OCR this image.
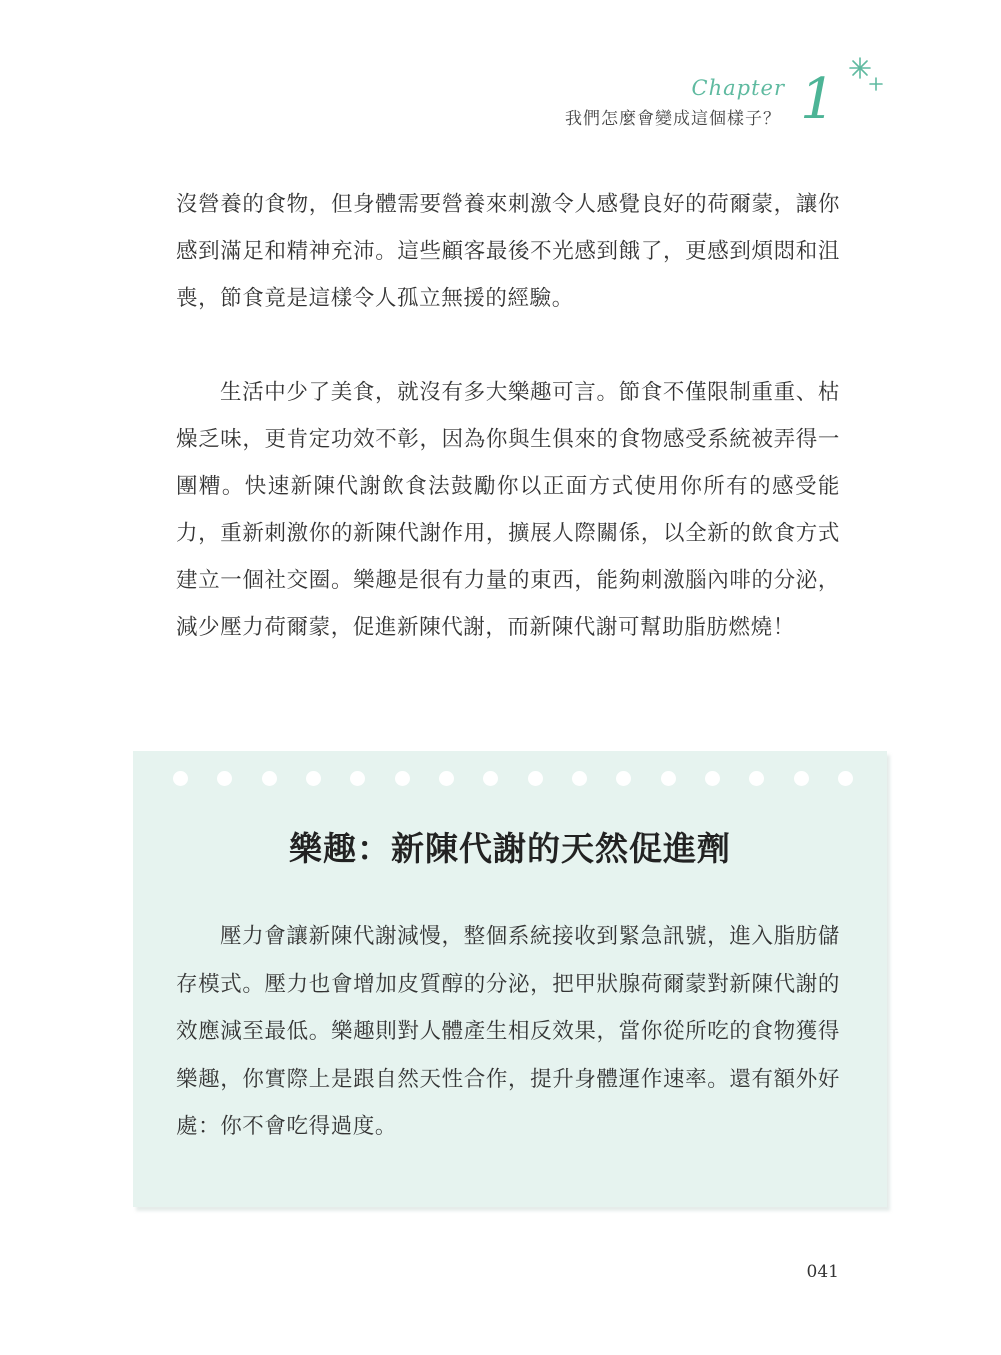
Chapter
我們怎麼會變成這個樣子？ 1
沒營養的食物，但身體需要營養來刺激令人感覺良好的荷爾蒙，讓你感到滿足和精神充沛。這些顧客最後不光感到餓了，更感到煩悶和沮喪，節食竟是這樣令人孤立無援的經驗。
生活中少了美食，就沒有多大樂趣可言。節食不僅限制重重、枯燥乏味，更肯定功效不彰，因為你與生俱來的食物感受系統被弄得一團糟。快速新陳代謝飲食法鼓勵你以正面方式使用你所有的感受能力，重新刺激你的新陳代謝作用，擴展人際關係，以全新的飲食方式建立一個社交圈。樂趣是很有力量的東西，能夠刺激腦內啡的分泌，減少壓力荷爾蒙，促進新陳代謝，而新陳代謝可幫助脂肪燃燒！
樂趣：新陳代謝的天然促進劑
壓力會讓新陳代謝減慢，整個系統接收到緊急訊號，進入脂肪儲存模式。壓力也會增加皮質醇的分泌，把甲狀腺荷爾蒙對新陳代謝的效應減至最低。樂趣則對人體產生相反效果，當你從所吃的食物獲得樂趣，你實際上是跟自然天性合作，提升身體運作速率。還有額外好處：你不會吃得過度。
041
